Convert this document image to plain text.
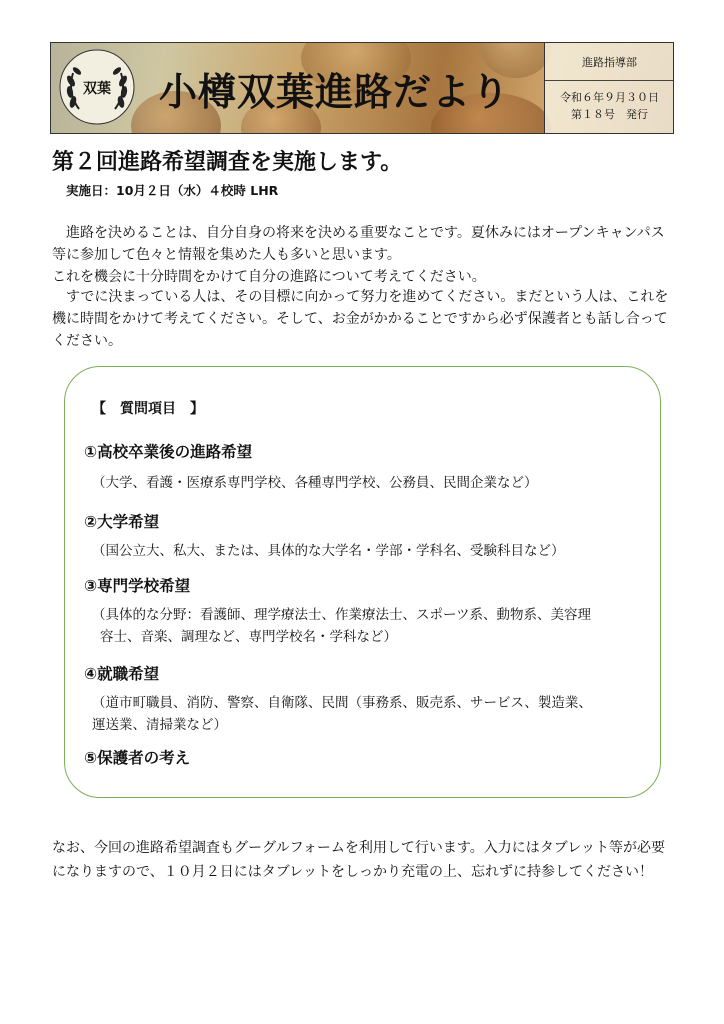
双葉 小樽双葉進路だより
進路指導部
令和６年９月３０日
第１８号　発行
第２回進路希望調査を実施します。
実施日：10月２日（水）４校時 LHR
進路を決めることは、自分自身の将来を決める重要なことです。夏休みにはオープンキャンパス等に参加して色々と情報を集めた人も多いと思います。
これを機会に十分時間をかけて自分の進路について考えてください。
すでに決まっている人は、その目標に向かって努力を進めてください。まだという人は、これを機に時間をかけて考えてください。そして、お金がかかることですから必ず保護者とも話し合ってください。
【　質問項目　】
①高校卒業後の進路希望
（大学、看護・医療系専門学校、各種専門学校、公務員、民間企業など）
②大学希望
（国公立大、私大、または、具体的な大学名・学部・学科名、受験科目など）
③専門学校希望
（具体的な分野：看護師、理学療法士、作業療法士、スポーツ系、動物系、美容理
容士、音楽、調理など、専門学校名・学科など）
④就職希望
（道市町職員、消防、警察、自衛隊、民間（事務系、販売系、サービス、製造業、
運送業、清掃業など）
⑤保護者の考え
なお、今回の進路希望調査もグーグルフォームを利用して行います。入力にはタブレット等が必要になりますので、１０月２日にはタブレットをしっかり充電の上、忘れずに持参してください！
